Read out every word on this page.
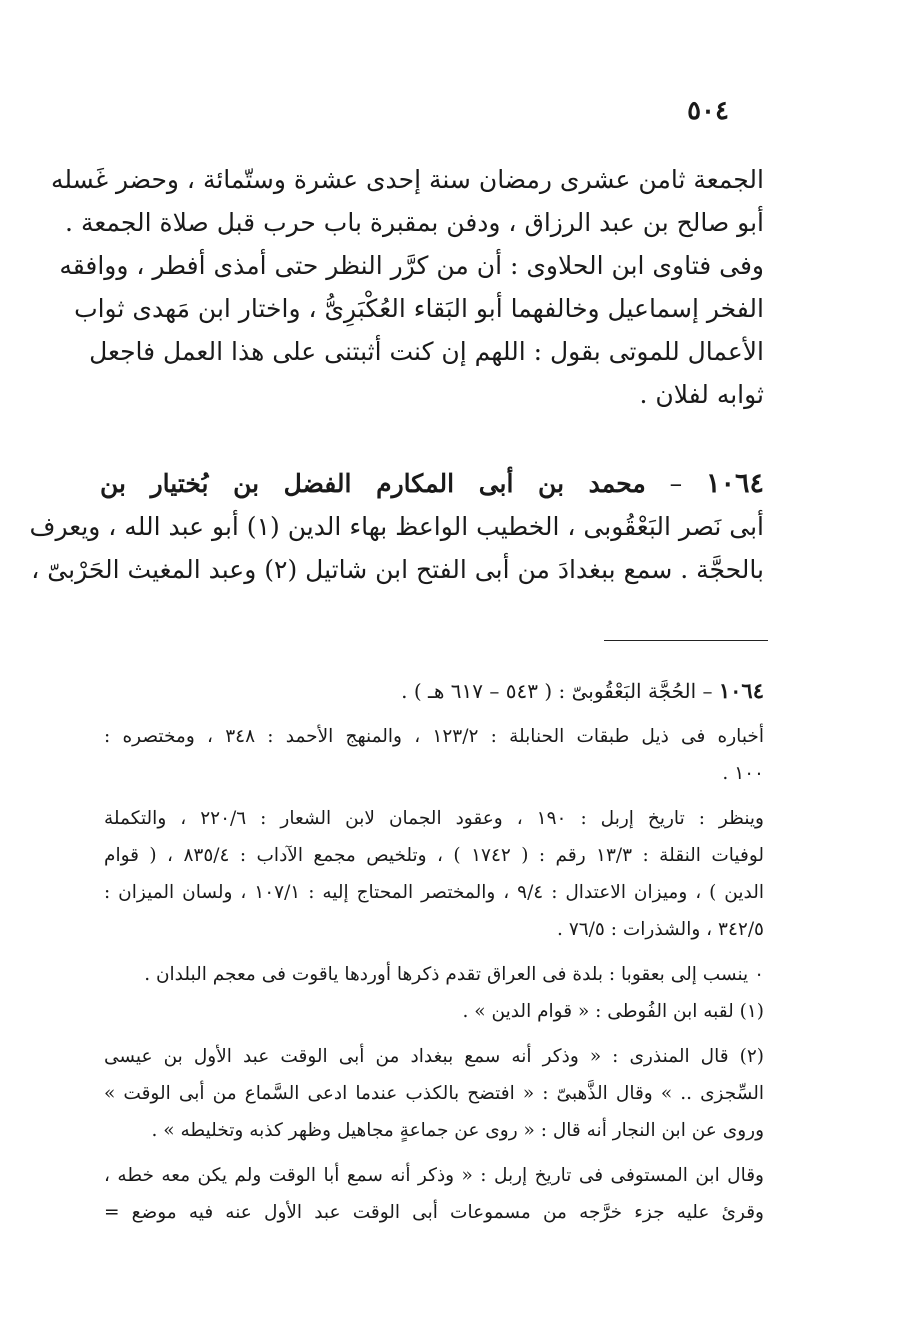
٥٠٤
الجمعة ثامن عشرى رمضان سنة إحدى عشرة وستّمائة ، وحضر غَسله
أبو صالح بن عبد الرزاق ، ودفن بمقبرة باب حرب قبل صلاة الجمعة .
وفى فتاوى ابن الحلاوى : أن من كرَّر النظر حتى أمذى أفطر ، ووافقه
الفخر إسماعيل وخالفهما أبو البَقاء العُكْبَرِىُّ ، واختار ابن مَهدى ثواب
الأعمال للموتى بقول : اللهم إن كنت أثبتنى على هذا العمل فاجعل
ثوابه لفلان .
١٠٦٤ – محمد بن أبى المكارم الفضل بن بُختيار بن
أبى نَصر البَعْقُوبى ، الخطيب الواعظ بهاء الدين (١) أبو عبد الله ، ويعرف
بالحجَّة . سمع ببغدادَ من أبى الفتح ابن شاتيل (٢) وعبد المغيث الحَرْبىّ ،
١٠٦٤ – الحُجَّة البَعْقُوبىّ : ( ٥٤٣ – ٦١٧ هـ ) .
أخباره فى ذيل طبقات الحنابلة : ١٢٣/٢ ، والمنهج الأحمد : ٣٤٨ ، ومختصره :
١٠٠ .
وينظر : تاريخ إربل : ١٩٠ ، وعقود الجمان لابن الشعار : ٢٢٠/٦ ، والتكملة
لوفيات النقلة : ١٣/٣ رقم : ( ١٧٤٢ ) ، وتلخيص مجمع الآداب : ٨٣٥/٤ ، ( قوام
الدين ) ، وميزان الاعتدال : ٩/٤ ، والمختصر المحتاج إليه : ١٠٧/١ ، ولسان الميزان :
٣٤٢/٥ ، والشذرات : ٧٦/٥ .
٠ ينسب إلى بعقوبا : بلدة فى العراق تقدم ذكرها أوردها ياقوت فى معجم البلدان .
(١) لقبه ابن الفُوطى : « قوام الدين » .
(٢) قال المنذرى : « وذكر أنه سمع ببغداد من أبى الوقت عبد الأول بن عيسى
السِّجزى .. » وقال الذَّهبىّ : « افتضح بالكذب عندما ادعى السَّماع من أبى الوقت »
وروى عن ابن النجار أنه قال : « روى عن جماعةٍ مجاهيل وظهر كذبه وتخليطه » .
وقال ابن المستوفى فى تاريخ إربل : « وذكر أنه سمع أبا الوقت ولم يكن معه خطه ،
وقرئ عليه جزء خرَّجه من مسموعات أبى الوقت عبد الأول عنه فيه موضع =
